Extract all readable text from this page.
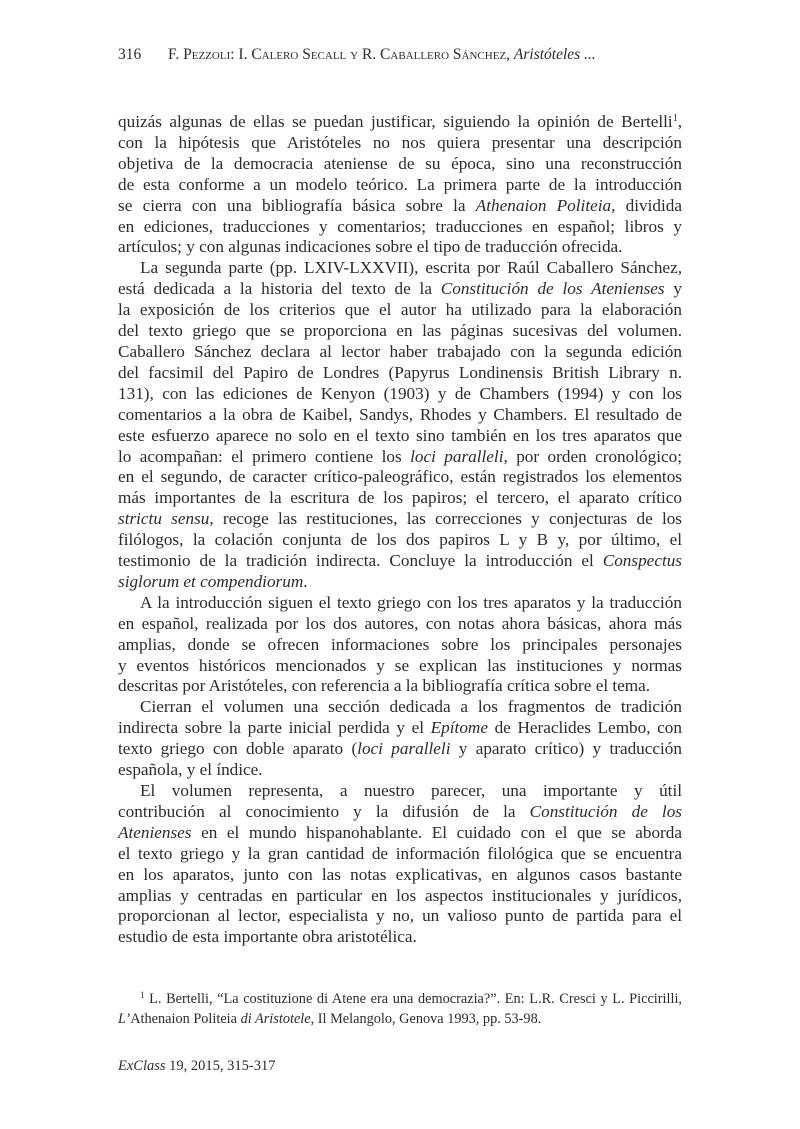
316 F. Pezzoli: I. Calero Secall y R. Caballero Sánchez, Aristóteles ...
quizás algunas de ellas se puedan justificar, siguiendo la opinión de Bertelli$^1$,
con la hipótesis que Aristóteles no nos quiera presentar una descripción
objetiva de la democracia ateniense de su época, sino una reconstrucción
de esta conforme a un modelo teórico. La primera parte de la introducción
se cierra con una bibliografía básica sobre la Athenaion Politeia, dividida
en ediciones, traducciones y comentarios; traducciones en español; libros y
artículos; y con algunas indicaciones sobre el tipo de traducción ofrecida.
La segunda parte (pp. LXIV-LXXVII), escrita por Raúl Caballero Sánchez,
está dedicada a la historia del texto de la Constitución de los Atenienses y
la exposición de los criterios que el autor ha utilizado para la elaboración
del texto griego que se proporciona en las páginas sucesivas del volumen.
Caballero Sánchez declara al lector haber trabajado con la segunda edición
del facsimil del Papiro de Londres (Papyrus Londinensis British Library n.
131), con las ediciones de Kenyon (1903) y de Chambers (1994) y con los
comentarios a la obra de Kaibel, Sandys, Rhodes y Chambers. El resultado de
este esfuerzo aparece no solo en el texto sino también en los tres aparatos que
lo acompañan: el primero contiene los loci paralleli, por orden cronológico;
en el segundo, de caracter crítico-paleográfico, están registrados los elementos
más importantes de la escritura de los papiros; el tercero, el aparato crítico
strictu sensu, recoge las restituciones, las correcciones y conjecturas de los
filólogos, la colación conjunta de los dos papiros L y B y, por último, el
testimonio de la tradición indirecta. Concluye la introducción el Conspectus
siglorum et compendiorum.
A la introducción siguen el texto griego con los tres aparatos y la traducción
en español, realizada por los dos autores, con notas ahora básicas, ahora más
amplias, donde se ofrecen informaciones sobre los principales personajes
y eventos históricos mencionados y se explican las instituciones y normas
descritas por Aristóteles, con referencia a la bibliografía crítica sobre el tema.
Cierran el volumen una sección dedicada a los fragmentos de tradición
indirecta sobre la parte inicial perdida y el Epítome de Heraclides Lembo, con
texto griego con doble aparato (loci paralleli y aparato crítico) y traducción
española, y el índice.
El volumen representa, a nuestro parecer, una importante y útil
contribución al conocimiento y la difusión de la Constitución de los
Atenienses en el mundo hispanohablante. El cuidado con el que se aborda
el texto griego y la gran cantidad de información filológica que se encuentra
en los aparatos, junto con las notas explicativas, en algunos casos bastante
amplias y centradas en particular en los aspectos institucionales y jurídicos,
proporcionan al lector, especialista y no, un valioso punto de partida para el
estudio de esta importante obra aristotélica.
$^1$ L. Bertelli, “La costituzione di Atene era una democrazia?”. En: L.R. Cresci y L. Piccirilli,
L’Athenaion Politeia di Aristotele, Il Melangolo, Genova 1993, pp. 53-98.
ExClass 19, 2015, 315-317
